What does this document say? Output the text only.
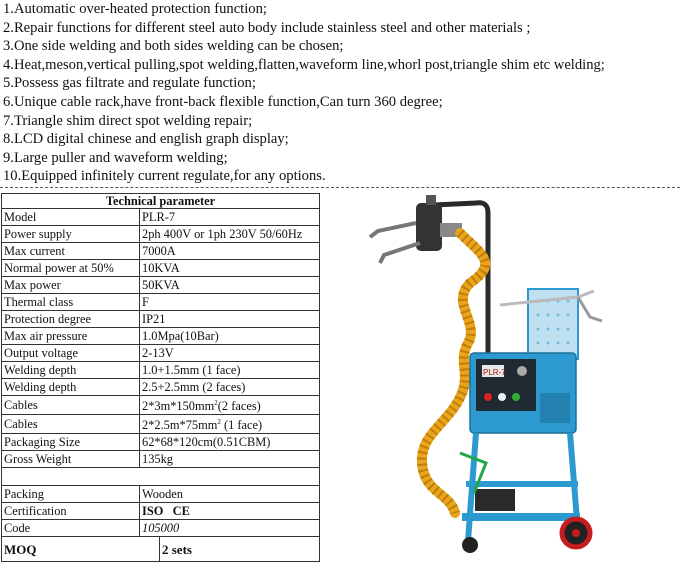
1.Automatic over-heated protection function;
2.Repair functions for different steel auto body include stainless steel and other materials ;
3.One side welding and both sides welding can be chosen;
4.Heat,meson,vertical pulling,spot welding,flatten,waveform line,whorl post,triangle shim etc welding;
5.Possess gas filtrate and regulate function;
6.Unique cable rack,have front-back flexible function,Can turn 360 degree;
7.Triangle shim direct spot welding repair;
8.LCD digital chinese and english graph display;
9.Large puller and waveform welding;
10.Equipped infinitely current regulate,for any options.
Technical parameter		
Model	PLR-7	
Power supply	2ph 400V or 1ph 230V 50/60Hz	
Max current	7000A	
Normal power at 50%	10KVA	
Max power	50KVA	
Thermal class	F	
Protection degree	IP21	
Max air pressure	1.0Mpa(10Bar)	
Output voltage	2-13V	
Welding depth	1.0+1.5mm (1 face)	
Welding depth	2.5+2.5mm (2 faces)	
Cables	$2*3m*150mm^2(2$ faces)	
Cables	$2*2.5m*75mm^2$ (1 face)	
Packaging Size	62*68*120cm(0.51CBM)	
Gross Weight	135kg	

Packing	Wooden	
Certification	ISO   CE	
Code	105000	
MOQ		2 sets
PLR-7
